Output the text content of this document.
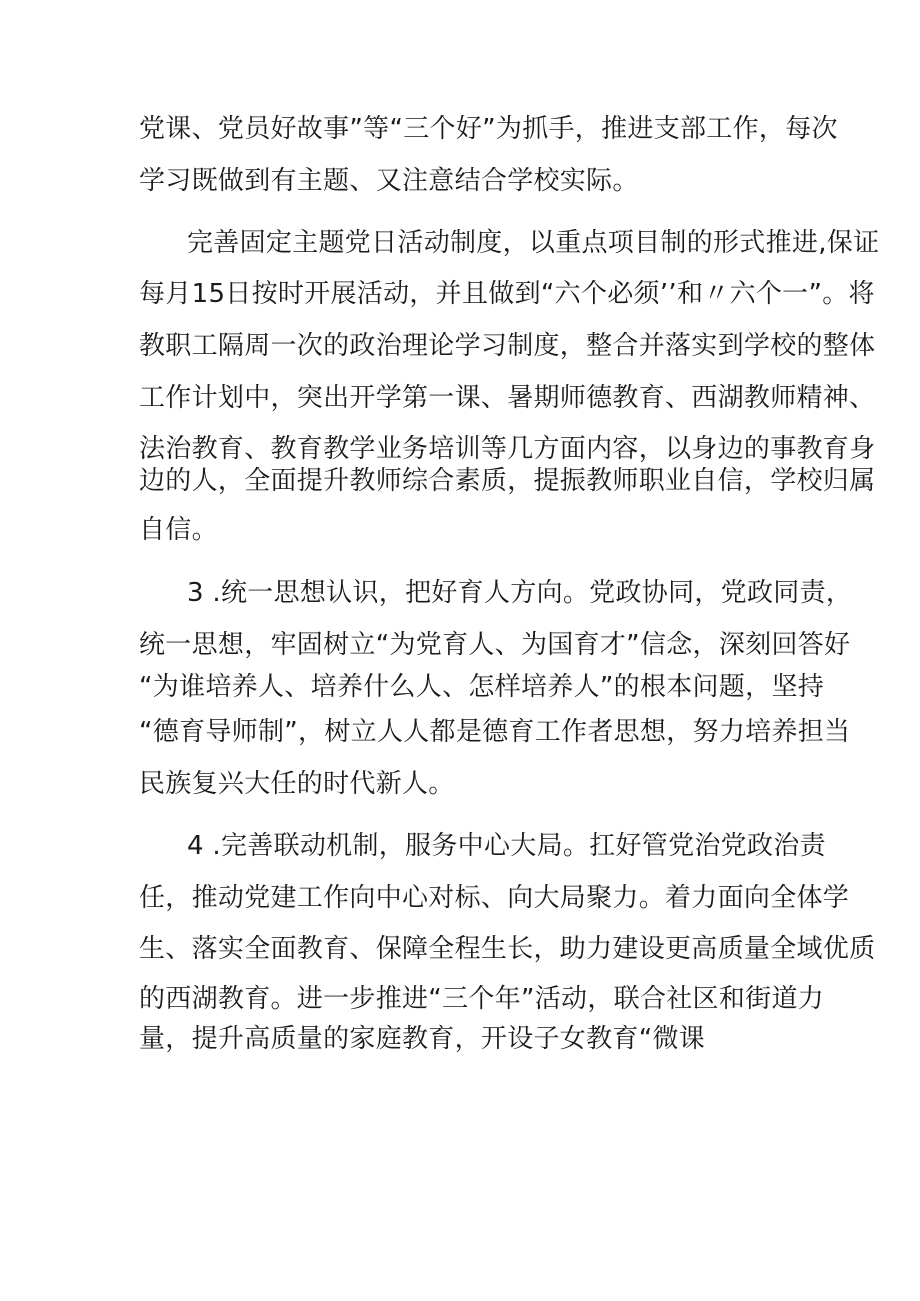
党课、党员好故事”等“三个好”为抓手，推进支部工作，每次
学习既做到有主题、又注意结合学校实际。
完善固定主题党日活动制度，以重点项目制的形式推进,保证
每月15日按时开展活动，并且做到“六个必须’’和〃六个一”。将
教职工隔周一次的政治理论学习制度，整合并落实到学校的整体
工作计划中，突出开学第一课、暑期师德教育、西湖教师精神、
法治教育、教育教学业务培训等几方面内容，以身边的事教育身
边的人，全面提升教师综合素质，提振教师职业自信，学校归属
自信。
3 .统一思想认识，把好育人方向。党政协同，党政同责，
统一思想，牢固树立“为党育人、为国育才”信念，深刻回答好
“为谁培养人、培养什么人、怎样培养人”的根本问题，坚持
“德育导师制”，树立人人都是德育工作者思想，努力培养担当
民族复兴大任的时代新人。
4 .完善联动机制，服务中心大局。扛好管党治党政治责
任，推动党建工作向中心对标、向大局聚力。着力面向全体学
生、落实全面教育、保障全程生长，助力建设更高质量全域优质
的西湖教育。进一步推进“三个年”活动，联合社区和街道力
量，提升高质量的家庭教育，开设子女教育“微课
